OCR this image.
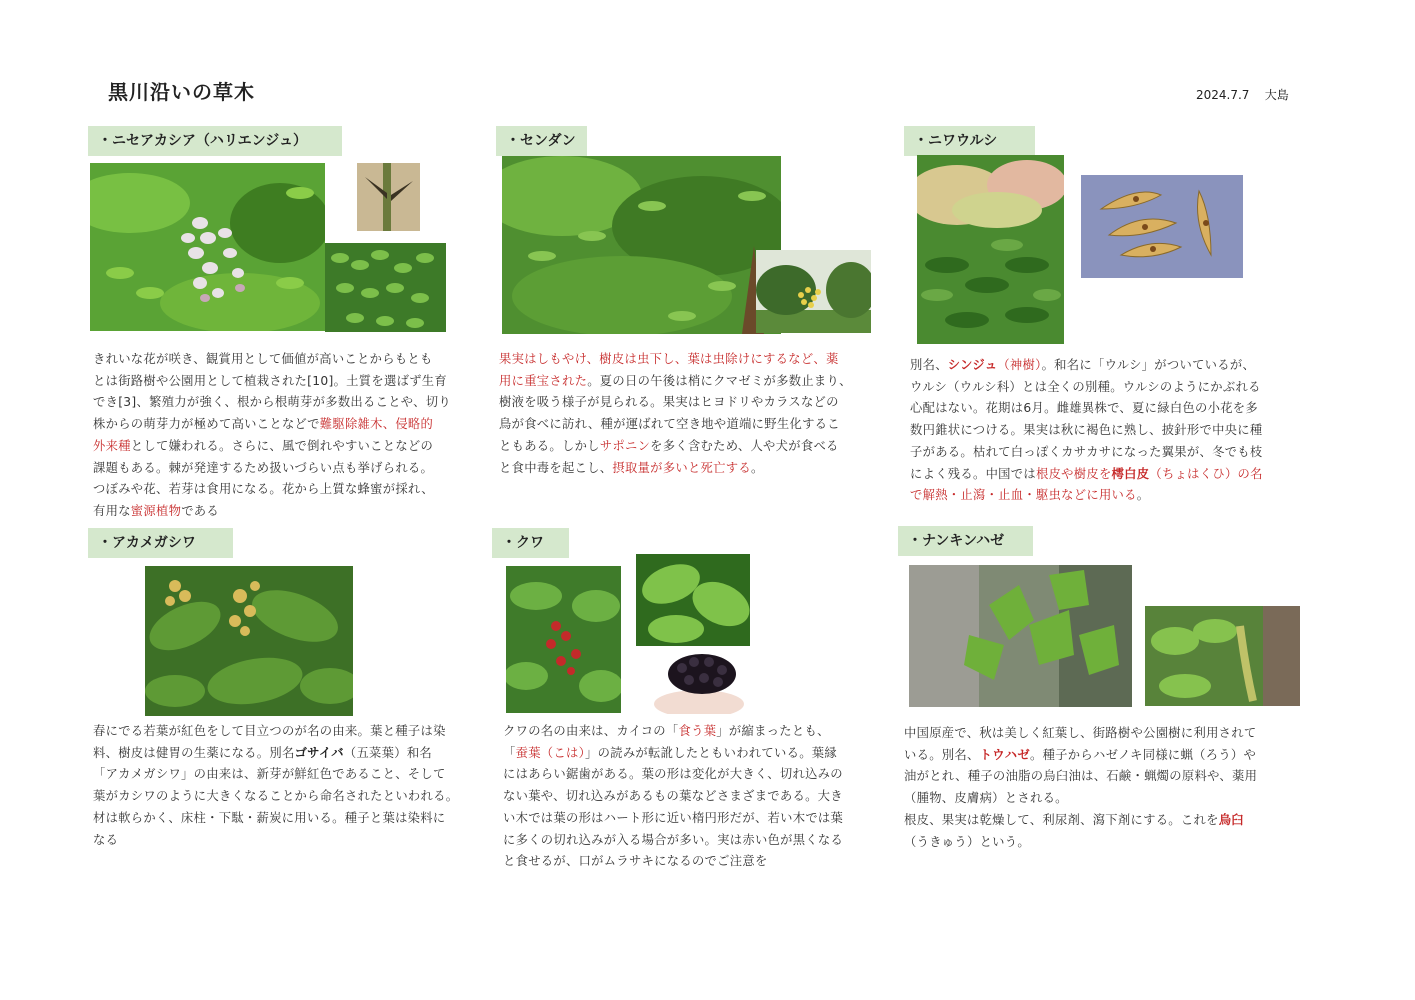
黒川沿いの草木	2024.7.7 大島
・ニセアカシア（ハリエンジュ）
きれいな花が咲き、観賞用として価値が高いことからもとも
とは街路樹や公園用として植栽された[10]。土質を選ばず生育
でき[3]、繁殖力が強く、根から根萌芽が多数出ることや、切り
株からの萌芽力が極めて高いことなどで難駆除雑木、侵略的
外来種として嫌われる。さらに、風で倒れやすいことなどの
課題もある。棘が発達するため扱いづらい点も挙げられる。
つぼみや花、若芽は食用になる。花から上質な蜂蜜が採れ、
有用な蜜源植物である
・センダン
果実はしもやけ、樹皮は虫下し、葉は虫除けにするなど、薬
用に重宝された。夏の日の午後は梢にクマゼミが多数止まり、
樹液を吸う様子が見られる。果実はヒヨドリやカラスなどの
鳥が食べに訪れ、種が運ばれて空き地や道端に野生化するこ
ともある。しかしサポニンを多く含むため、人や犬が食べる
と食中毒を起こし、摂取量が多いと死亡する。
・ニワウルシ
別名、シンジュ（神樹）。和名に「ウルシ」がついているが、
ウルシ（ウルシ科）とは全くの別種。ウルシのようにかぶれる
心配はない。花期は6月。雌雄異株で、夏に緑白色の小花を多
数円錐状につける。果実は秋に褐色に熟し、披針形で中央に種
子がある。枯れて白っぽくカサカサになった翼果が、冬でも枝
によく残る。中国では根皮や樹皮を樗白皮（ちょはくひ）の名
で解熱・止瀉・止血・駆虫などに用いる。
・アカメガシワ
春にでる若葉が紅色をして目立つのが名の由来。葉と種子は染
料、樹皮は健胃の生薬になる。別名ゴサイバ（五菜葉）和名
「アカメガシワ」の由来は、新芽が鮮紅色であること、そして
葉がカシワのように大きくなることから命名されたといわれる。
材は軟らかく、床柱・下駄・薪炭に用いる。種子と葉は染料に
なる
・クワ
クワの名の由来は、カイコの「食う葉」が縮まったとも、
「蚕葉（こは）」の読みが転訛したともいわれている。葉縁
にはあらい鋸歯がある。葉の形は変化が大きく、切れ込みの
ない葉や、切れ込みがあるもの葉などさまざまである。大き
い木では葉の形はハート形に近い楕円形だが、若い木では葉
に多くの切れ込みが入る場合が多い。実は赤い色が黒くなる
と食せるが、口がムラサキになるのでご注意を
・ナンキンハゼ
中国原産で、秋は美しく紅葉し、街路樹や公園樹に利用されて
いる。別名、トウハゼ。種子からハゼノキ同様に蝋（ろう）や
油がとれ、種子の油脂の烏臼油は、石鹸・蝋燭の原料や、薬用
（腫物、皮膚病）とされる。
根皮、果実は乾燥して、利尿剤、瀉下剤にする。これを烏臼
（うきゅう）という。
